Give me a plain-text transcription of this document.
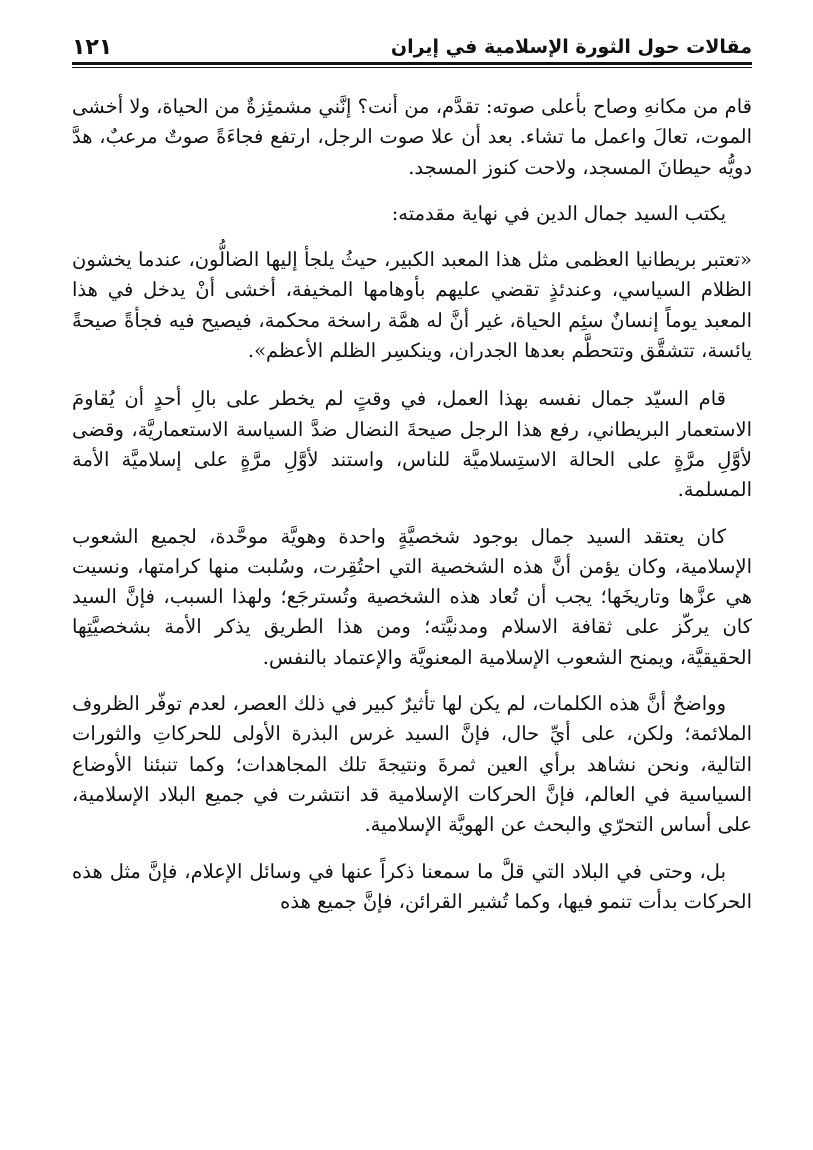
مقالات حول الثورة الإسلامية في إيران
١٢١

قام من مكانهِ وصاح بأعلى صوته: تقدَّم، من أنت؟ إنَّني مشمئِزةٌ من الحياة، ولا أخشى الموت، تعالَ واعمل ما تشاء. بعد أن علا صوت الرجل، ارتفع فجاءَةً صوتٌ مرعبٌ، هدَّ دويُّه حيطانَ المسجد، ولاحت كنوز المسجد.

يكتب السيد جمال الدين في نهاية مقدمته:

«تعتبر بريطانيا العظمى مثل هذا المعبد الكبير، حيثُ يلجأ إليها الضالُّون، عندما يخشون الظلام السياسي، وعندئذٍ تقضي عليهم بأوهامها المخيفة، أخشى أنْ يدخل في هذا المعبد يوماً إنسانٌ سئِم الحياة، غير أنَّ له همَّة راسخة محكمة، فيصيح فيه فجأةً صيحةً يائسة، تتشقَّق وتتحطَّم بعدها الجدران، وينكسِر الظلم الأعظم».

قام السيّد جمال نفسه بهذا العمل، في وقتٍ لم يخطر على بالِ أحدٍ أن يُقاومَ الاستعمار البريطاني، رفع هذا الرجل صيحةَ النضال ضدَّ السياسة الاستعماريَّة، وقضى لأوَّلِ مرَّةٍ على الحالة الاستِسلاميَّة للناس، واستند لأوَّلِ مرَّةٍ على إسلاميَّة الأمة المسلمة.

كان يعتقد السيد جمال بوجود شخصيَّةٍ واحدة وهويَّة موحَّدة، لجميع الشعوب الإسلامية، وكان يؤمن أنَّ هذه الشخصية التي احتُقِرت، وسُلبت منها كرامتها، ونسيت هي عزَّها وتاريخَها؛ يجب أن تُعاد هذه الشخصية وتُسترجَع؛ ولهذا السبب، فإنَّ السيد كان يركّز على ثقافة الاسلام ومدنيَّته؛ ومن هذا الطريق يذكر الأمة بشخصيَّتِها الحقيقيَّة، ويمنح الشعوب الإسلامية المعنويَّة والإعتماد بالنفس.

وواضحٌ أنَّ هذه الكلمات، لم يكن لها تأثيرٌ كبير في ذلك العصر، لعدم توفّر الظروف الملائمة؛ ولكن، على أيِّ حال، فإنَّ السيد غرس البذرة الأولى للحركاتِ والثورات التالية، ونحن نشاهد برأي العين ثمرةَ ونتيجةَ تلك المجاهدات؛ وكما تنبئنا الأوضاع السياسية في العالم، فإنَّ الحركات الإسلامية قد انتشرت في جميع البلاد الإسلامية، على أساس التحرّي والبحث عن الهويَّة الإسلامية.

بل، وحتى في البلاد التي قلَّ ما سمعنا ذكراً عنها في وسائل الإعلام، فإنَّ مثل هذه الحركات بدأت تنمو فيها، وكما تُشير القرائن، فإنَّ جميع هذه
